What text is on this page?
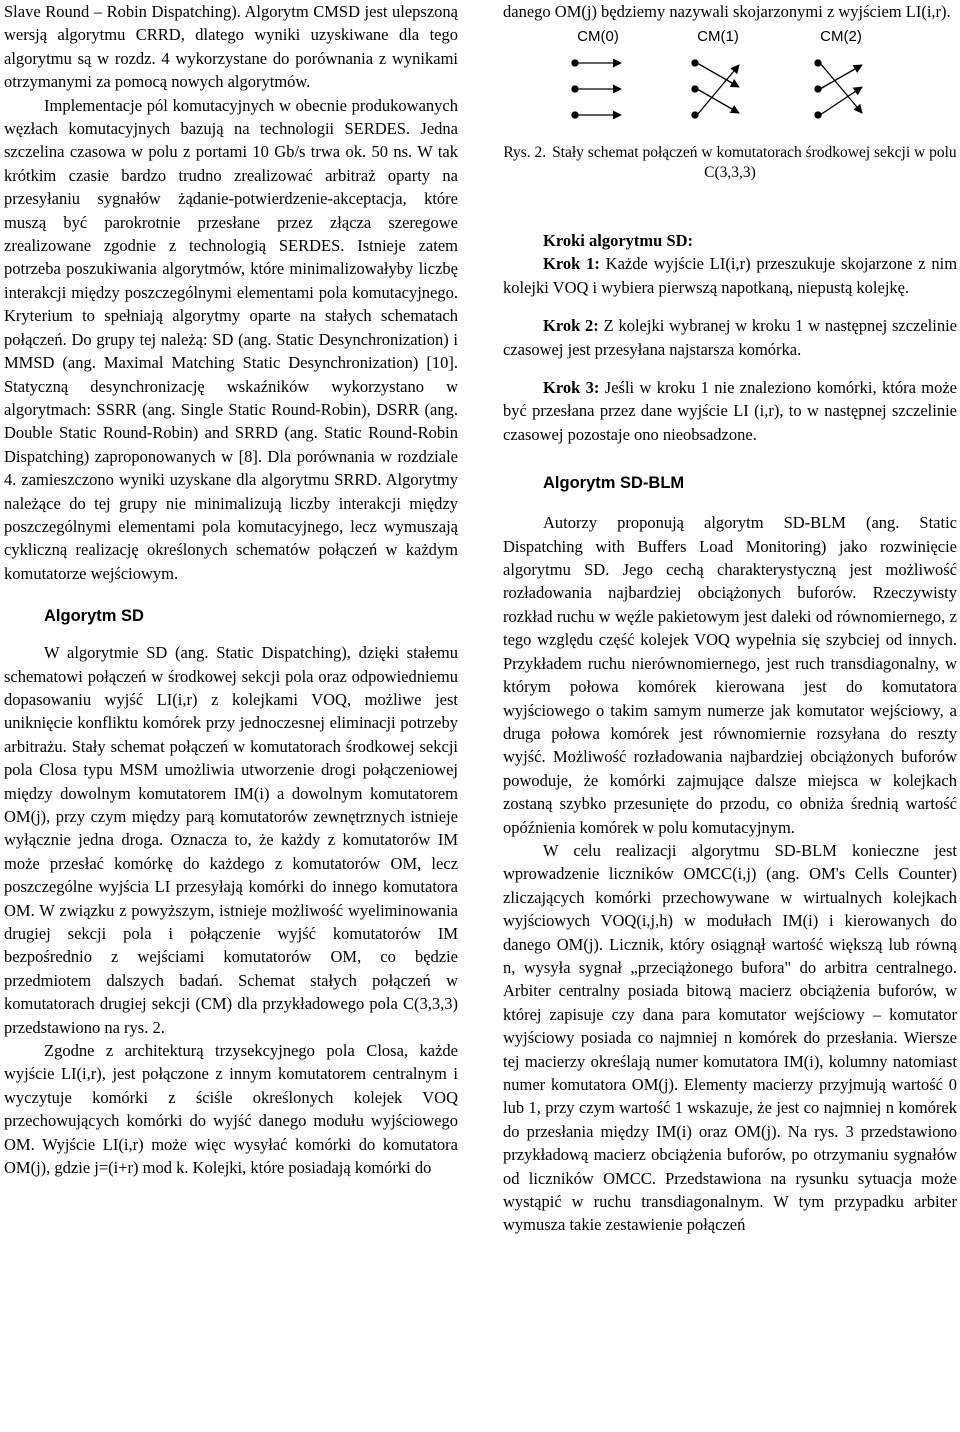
Slave Round – Robin Dispatching). Algorytm CMSD jest ulepszoną wersją algorytmu CRRD, dlatego wyniki uzyskiwane dla tego algorytmu są w rozdz. 4 wykorzystane do porównania z wynikami otrzymanymi za pomocą nowych algorytmów.

Implementacje pól komutacyjnych w obecnie produkowanych węzłach komutacyjnych bazują na technologii SERDES. Jedna szczelina czasowa w polu z portami 10 Gb/s trwa ok. 50 ns. W tak krótkim czasie bardzo trudno zrealizować arbitraż oparty na przesyłaniu sygnałów żądanie-potwierdzenie-akceptacja, które muszą być parokrotnie przesłane przez złącza szeregowe zrealizowane zgodnie z technologią SERDES. Istnieje zatem potrzeba poszukiwania algorytmów, które minimalizowałyby liczbę interakcji między poszczególnymi elementami pola komutacyjnego. Kryterium to spełniają algorytmy oparte na stałych schematach połączeń. Do grupy tej należą: SD (ang. Static Desynchronization) i MMSD (ang. Maximal Matching Static Desynchronization) [10]. Statyczną desynchronizację wskaźników wykorzystano w algorytmach: SSRR (ang. Single Static Round-Robin), DSRR (ang. Double Static Round-Robin) and SRRD (ang. Static Round-Robin Dispatching) zaproponowanych w [8]. Dla porównania w rozdziale 4. zamieszczono wyniki uzyskane dla algorytmu SRRD. Algorytmy należące do tej grupy nie minimalizują liczby interakcji między poszczególnymi elementami pola komutacyjnego, lecz wymuszają cykliczną realizację określonych schematów połączeń w każdym komutatorze wejściowym.

Algorytm SD

W algorytmie SD (ang. Static Dispatching), dzięki stałemu schematowi połączeń w środkowej sekcji pola oraz odpowiedniemu dopasowaniu wyjść LI(i,r) z kolejkami VOQ, możliwe jest uniknięcie konfliktu komórek przy jednoczesnej eliminacji potrzeby arbitrażu. Stały schemat połączeń w komutatorach środkowej sekcji pola Closa typu MSM umożliwia utworzenie drogi połączeniowej między dowolnym komutatorem IM(i) a dowolnym komutatorem OM(j), przy czym między parą komutatorów zewnętrznych istnieje wyłącznie jedna droga. Oznacza to, że każdy z komutatorów IM może przesłać komórkę do każdego z komutatorów OM, lecz poszczególne wyjścia LI przesyłają komórki do innego komutatora OM. W związku z powyższym, istnieje możliwość wyeliminowania drugiej sekcji pola i połączenie wyjść komutatorów IM bezpośrednio z wejściami komutatorów OM, co będzie przedmiotem dalszych badań. Schemat stałych połączeń w komutatorach drugiej sekcji (CM) dla przykładowego pola C(3,3,3) przedstawiono na rys. 2.

Zgodne z architekturą trzysekcyjnego pola Closa, każde wyjście LI(i,r), jest połączone z innym komutatorem centralnym i wyczytuje komórki z ściśle określonych kolejek VOQ przechowujących komórki do wyjść danego modułu wyjściowego OM. Wyjście LI(i,r) może więc wysyłać komórki do komutatora OM(j), gdzie j=(i+r) mod k. Kolejki, które posiadają komórki do

danego OM(j) będziemy nazywali skojarzonymi z wyjściem LI(i,r).

CM(0)	CM(1)	CM(2)

Rys. 2. Stały schemat połączeń w komutatorach środkowej sekcji w polu C(3,3,3)

Kroki algorytmu SD:

Krok 1: Każde wyjście LI(i,r) przeszukuje skojarzone z nim kolejki VOQ i wybiera pierwszą napotkaną, niepustą kolejkę.

Krok 2: Z kolejki wybranej w kroku 1 w następnej szczelinie czasowej jest przesyłana najstarsza komórka.

Krok 3: Jeśli w kroku 1 nie znaleziono komórki, która może być przesłana przez dane wyjście LI (i,r), to w następnej szczelinie czasowej pozostaje ono nieobsadzone.

Algorytm SD-BLM

Autorzy proponują algorytm SD-BLM (ang. Static Dispatching with Buffers Load Monitoring) jako rozwinięcie algorytmu SD. Jego cechą charakterystyczną jest możliwość rozładowania najbardziej obciążonych buforów. Rzeczywisty rozkład ruchu w węźle pakietowym jest daleki od równomiernego, z tego względu część kolejek VOQ wypełnia się szybciej od innych. Przykładem ruchu nierównomiernego, jest ruch transdiagonalny, w którym połowa komórek kierowana jest do komutatora wyjściowego o takim samym numerze jak komutator wejściowy, a druga połowa komórek jest równomiernie rozsyłana do reszty wyjść. Możliwość rozładowania najbardziej obciążonych buforów powoduje, że komórki zajmujące dalsze miejsca w kolejkach zostaną szybko przesunięte do przodu, co obniża średnią wartość opóźnienia komórek w polu komutacyjnym.

W celu realizacji algorytmu SD-BLM konieczne jest wprowadzenie liczników OMCC(i,j) (ang. OM's Cells Counter) zliczających komórki przechowywane w wirtualnych kolejkach wyjściowych VOQ(i,j,h) w modułach IM(i) i kierowanych do danego OM(j). Licznik, który osiągnął wartość większą lub równą n, wysyła sygnał „przeciążonego bufora" do arbitra centralnego. Arbiter centralny posiada bitową macierz obciążenia buforów, w której zapisuje czy dana para komutator wejściowy – komutator wyjściowy posiada co najmniej n komórek do przesłania. Wiersze tej macierzy określają numer komutatora IM(i), kolumny natomiast numer komutatora OM(j). Elementy macierzy przyjmują wartość 0 lub 1, przy czym wartość 1 wskazuje, że jest co najmniej n komórek do przesłania między IM(i) oraz OM(j). Na rys. 3 przedstawiono przykładową macierz obciążenia buforów, po otrzymaniu sygnałów od liczników OMCC. Przedstawiona na rysunku sytuacja może wystąpić w ruchu transdiagonalnym. W tym przypadku arbiter wymusza takie zestawienie połączeń
